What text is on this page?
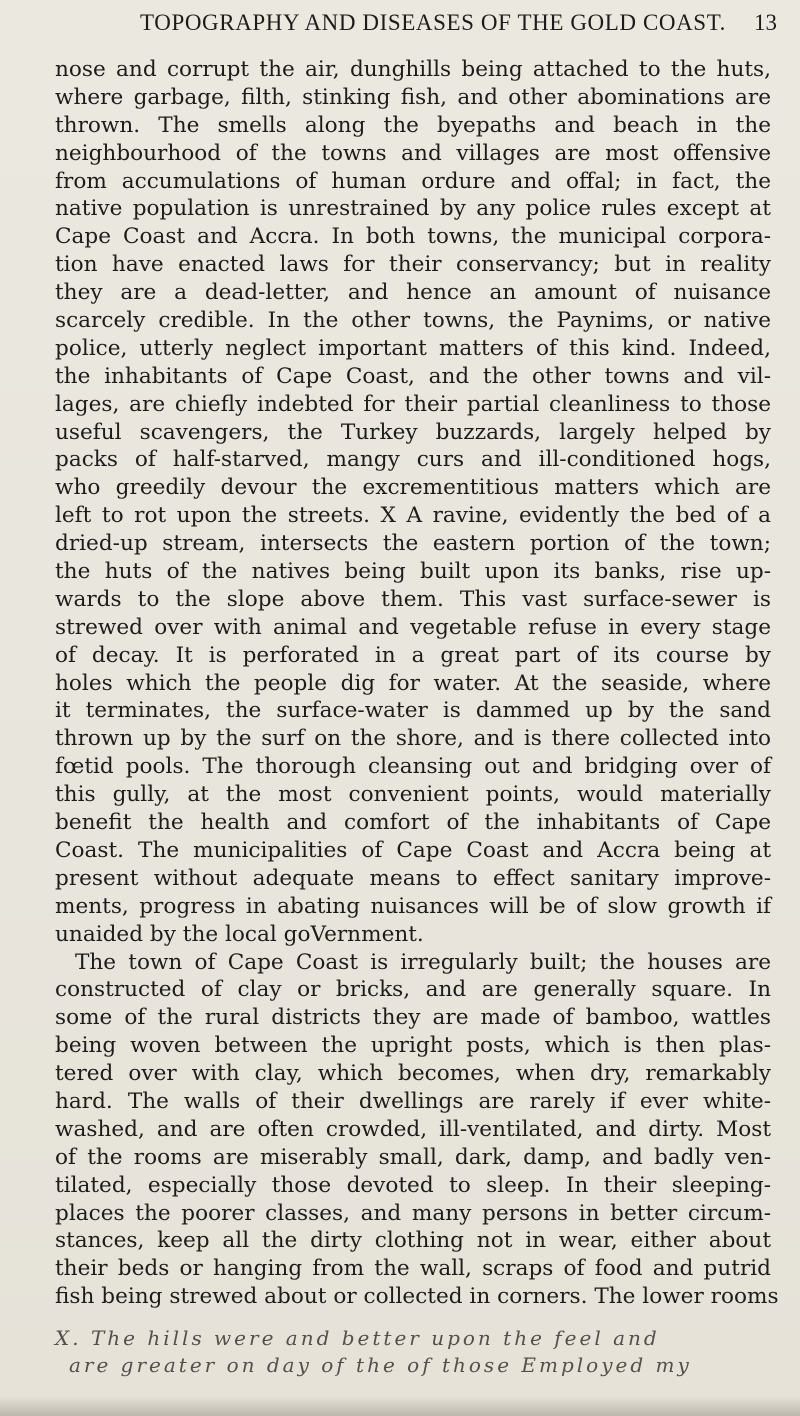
TOPOGRAPHY AND DISEASES OF THE GOLD COAST. 13
nose and corrupt the air, dunghills being attached to the huts,
where garbage, filth, stinking fish, and other abominations are
thrown. The smells along the byepaths and beach in the
neighbourhood of the towns and villages are most offensive
from accumulations of human ordure and offal; in fact, the
native population is unrestrained by any police rules except at
Cape Coast and Accra. In both towns, the municipal corpora-
tion have enacted laws for their conservancy; but in reality
they are a dead-letter, and hence an amount of nuisance
scarcely credible. In the other towns, the Paynims, or native
police, utterly neglect important matters of this kind. Indeed,
the inhabitants of Cape Coast, and the other towns and vil-
lages, are chiefly indebted for their partial cleanliness to those
useful scavengers, the Turkey buzzards, largely helped by
packs of half-starved, mangy curs and ill-conditioned hogs,
who greedily devour the excrementitious matters which are
left to rot upon the streets. X A ravine, evidently the bed of a
dried-up stream, intersects the eastern portion of the town;
the huts of the natives being built upon its banks, rise up-
wards to the slope above them. This vast surface-sewer is
strewed over with animal and vegetable refuse in every stage
of decay. It is perforated in a great part of its course by
holes which the people dig for water. At the seaside, where
it terminates, the surface-water is dammed up by the sand
thrown up by the surf on the shore, and is there collected into
fœtid pools. The thorough cleansing out and bridging over of
this gully, at the most convenient points, would materially
benefit the health and comfort of the inhabitants of Cape
Coast. The municipalities of Cape Coast and Accra being at
present without adequate means to effect sanitary improve-
ments, progress in abating nuisances will be of slow growth if
unaided by the local goVernment.
The town of Cape Coast is irregularly built; the houses are
constructed of clay or bricks, and are generally square. In
some of the rural districts they are made of bamboo, wattles
being woven between the upright posts, which is then plas-
tered over with clay, which becomes, when dry, remarkably
hard. The walls of their dwellings are rarely if ever white-
washed, and are often crowded, ill-ventilated, and dirty. Most
of the rooms are miserably small, dark, damp, and badly ven-
tilated, especially those devoted to sleep. In their sleeping-
places the poorer classes, and many persons in better circum-
stances, keep all the dirty clothing not in wear, either about
their beds or hanging from the wall, scraps of food and putrid
fish being strewed about or collected in corners. The lower rooms
X. The hills were and better upon the feel and
are greater on day of the of those Employed my
